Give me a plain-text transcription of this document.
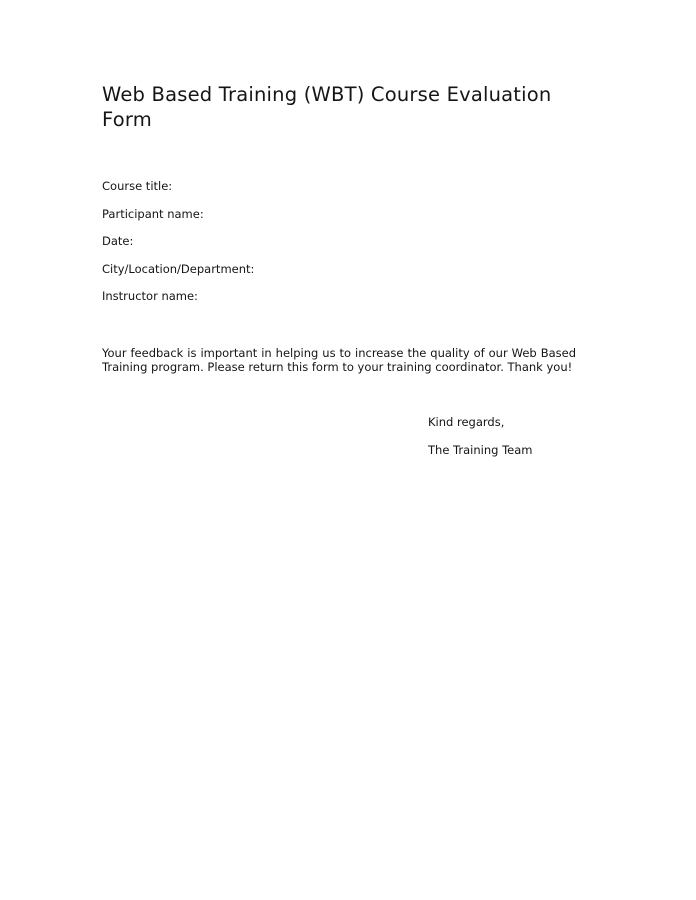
Web Based Training (WBT) Course Evaluation Form
Course title:
Participant name:
Date:
City/Location/Department:
Instructor name:

Your feedback is important in helping us to increase the quality of our Web Based Training program. Please return this form to your training coordinator. Thank you!

Kind regards,
The Training Team
